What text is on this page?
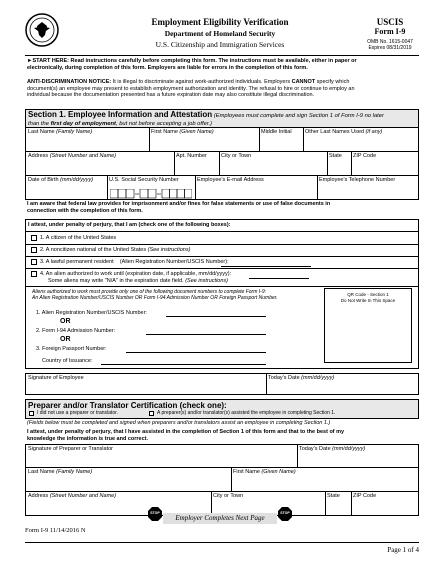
Employment Eligibility Verification
Department of Homeland Security
U.S. Citizenship and Immigration Services
USCIS
Form I-9
OMB No. 1615-0047
Expires 08/31/2019
►START HERE: Read instructions carefully before completing this form. The instructions must be available, either in paper or
electronically, during completion of this form. Employers are liable for errors in the completion of this form.
ANTI-DISCRIMINATION NOTICE: It is illegal to discriminate against work-authorized individuals. Employers CANNOT specify which
document(s) an employee may present to establish employment authorization and identity. The refusal to hire or continue to employ an
individual because the documentation presented has a future expiration date may also constitute illegal discrimination.
Section 1. Employee Information and Attestation (Employees must complete and sign Section 1 of Form I-9 no later
than the first day of employment, but not before accepting a job offer.)
Last Name (Family Name)	First Name (Given Name)	Middle Initial Other Last Names Used (if any)
Address (Street Number and Name)	Apt. Number	City or Town	State ZIP Code
Date of Birth (mm/dd/yyyy)	U.S. Social Security Number	Employee's E-mail Address	Employee's Telephone Number
I am aware that federal law provides for imprisonment and/or fines for false statements or use of false documents in
connection with the completion of this form.
I attest, under penalty of perjury, that I am (check one of the following boxes):
1. A citizen of the United States
2. A noncitizen national of the United States (See instructions)
3. A lawful permanent resident (Alien Registration Number/USCIS Number):
4. An alien authorized to work until (expiration date, if applicable, mm/dd/yyyy):
Some aliens may write "N/A" in the expiration date field. (See instructions)
Aliens authorized to work must provide only one of the following document numbers to complete Form I-9:
An Alien Registration Number/USCIS Number OR Form I-94 Admission Number OR Foreign Passport Number.
QR Code - Section 1
Do Not Write In This Space
1. Alien Registration Number/USCIS Number:
OR
2. Form I-94 Admission Number:
OR
3. Foreign Passport Number:
Country of Issuance:
Signature of Employee	Today's Date (mm/dd/yyyy)
Preparer and/or Translator Certification (check one):
I did not use a preparer or translator.	A preparer(s) and/or translator(s) assisted the employee in completing Section 1.
(Fields below must be completed and signed when preparers and/or translators assist an employee in completing Section 1.)
I attest, under penalty of perjury, that I have assisted in the completion of Section 1 of this form and that to the best of my
knowledge the information is true and correct.
Signature of Preparer or Translator	Today's Date (mm/dd/yyyy)
Last Name (Family Name)	First Name (Given Name)
Address (Street Number and Name)	City or Town	State ZIP Code
STOP
Employer Completes Next Page
STOP
Form I-9 11/14/2016 N
Page 1 of 4
